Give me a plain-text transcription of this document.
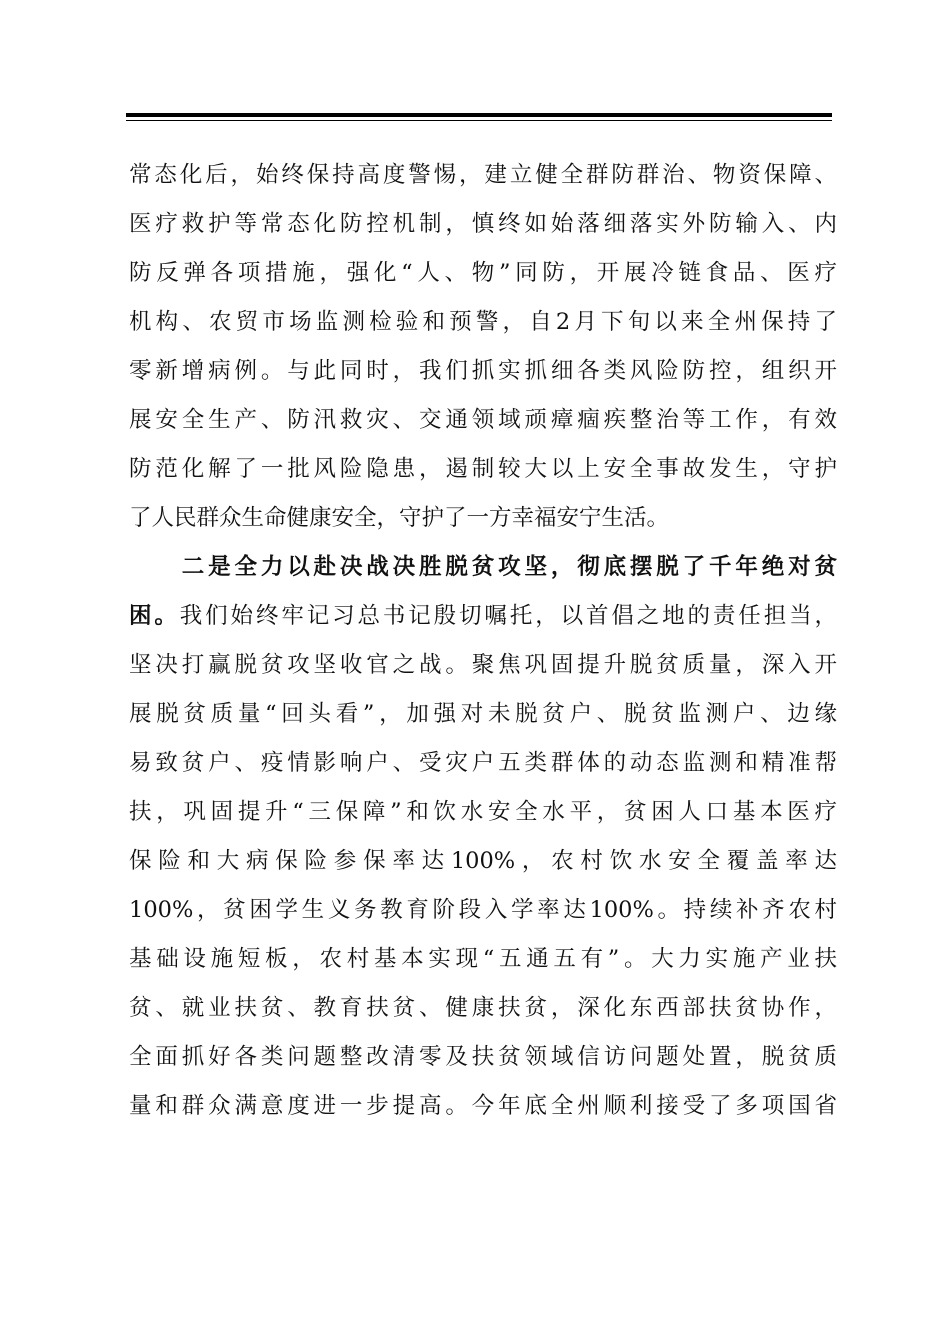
常态化后，始终保持高度警惕，建立健全群防群治、物资保障、
医疗救护等常态化防控机制，慎终如始落细落实外防输入、内
防反弹各项措施，强化“人、物”同防，开展冷链食品、医疗
机构、农贸市场监测检验和预警，自2月下旬以来全州保持了
零新增病例。与此同时，我们抓实抓细各类风险防控，组织开
展安全生产、防汛救灾、交通领域顽瘴痼疾整治等工作，有效
防范化解了一批风险隐患，遏制较大以上安全事故发生，守护
了人民群众生命健康安全，守护了一方幸福安宁生活。
　　二是全力以赴决战决胜脱贫攻坚，彻底摆脱了千年绝对贫
困。我们始终牢记习总书记殷切嘱托，以首倡之地的责任担当，
坚决打赢脱贫攻坚收官之战。聚焦巩固提升脱贫质量，深入开
展脱贫质量“回头看”，加强对未脱贫户、脱贫监测户、边缘
易致贫户、疫情影响户、受灾户五类群体的动态监测和精准帮
扶，巩固提升“三保障”和饮水安全水平，贫困人口基本医疗
保险和大病保险参保率达100%，农村饮水安全覆盖率达
100%，贫困学生义务教育阶段入学率达100%。持续补齐农村
基础设施短板，农村基本实现“五通五有”。大力实施产业扶
贫、就业扶贫、教育扶贫、健康扶贫，深化东西部扶贫协作，
全面抓好各类问题整改清零及扶贫领域信访问题处置，脱贫质
量和群众满意度进一步提高。今年底全州顺利接受了多项国省
